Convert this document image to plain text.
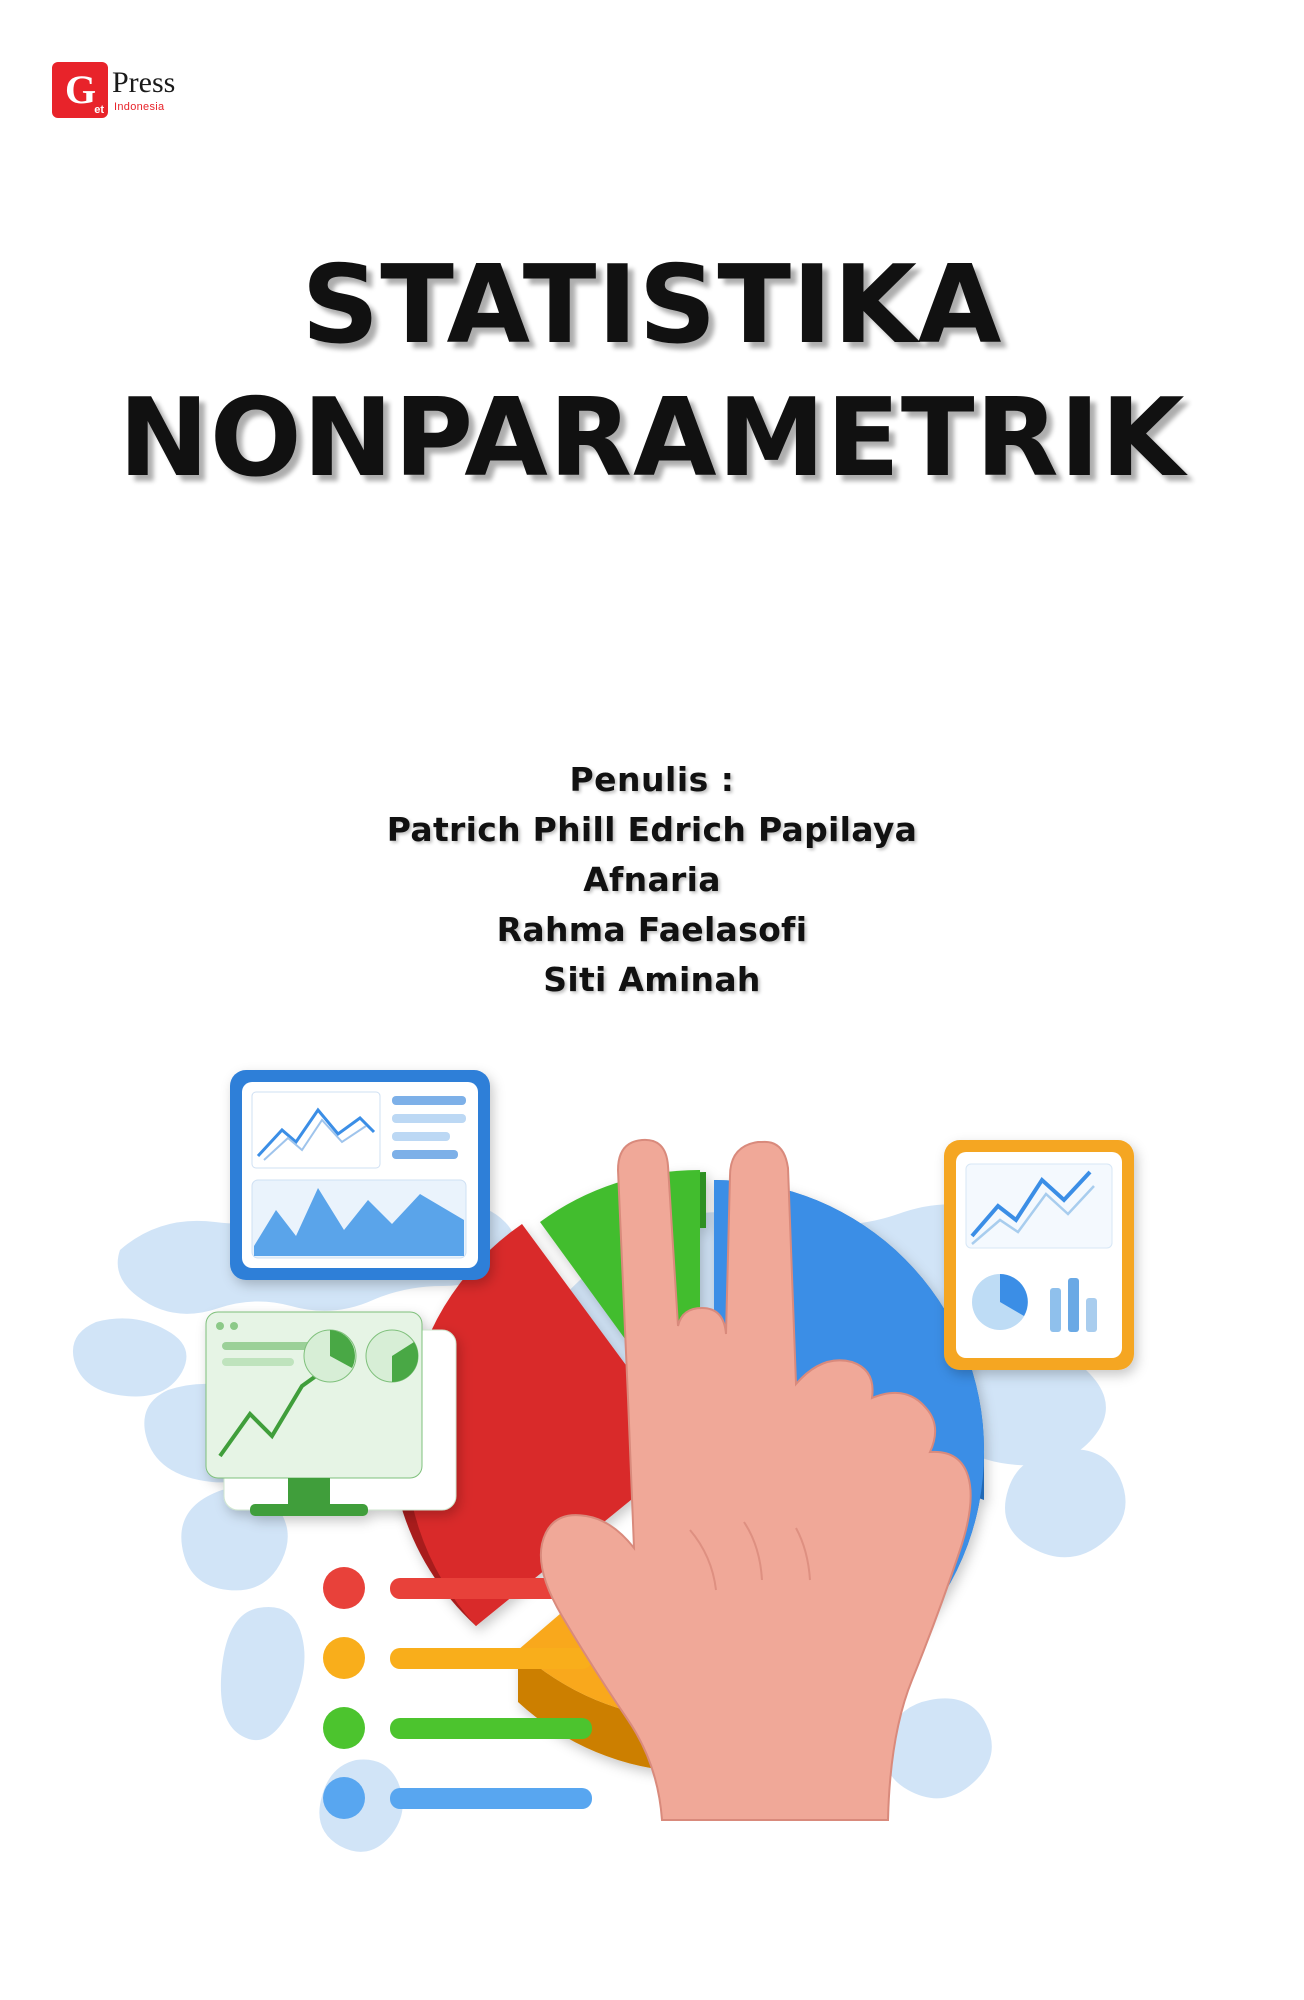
G et
Press
Indonesia
STATISTIKA
NONPARAMETRIK
Penulis :
Patrich Phill Edrich Papilaya
Afnaria
Rahma Faelasofi
Siti Aminah
